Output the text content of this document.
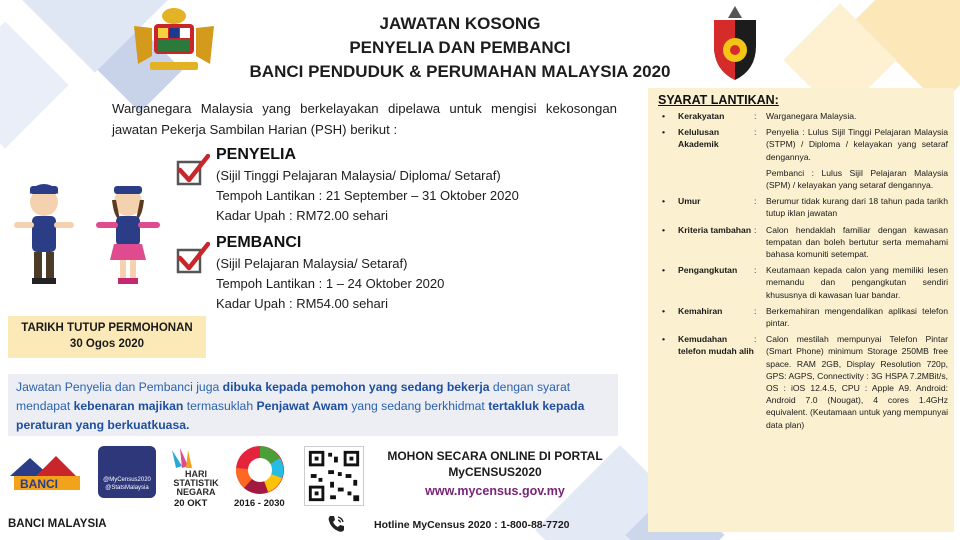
JAWATAN KOSONG
PENYELIA DAN PEMBANCI
BANCI PENDUDUK & PERUMAHAN MALAYSIA 2020
Warganegara Malaysia yang berkelayakan dipelawa untuk mengisi kekosongan jawatan Pekerja Sambilan Harian (PSH) berikut :
PENYELIA
(Sijil Tinggi Pelajaran Malaysia/ Diploma/ Setaraf)
Tempoh Lantikan : 21 September – 31 Oktober 2020
Kadar Upah : RM72.00 sehari
PEMBANCI
(Sijil Pelajaran Malaysia/ Setaraf)
Tempoh Lantikan : 1 – 24 Oktober 2020
Kadar Upah : RM54.00 sehari
TARIKH TUTUP PERMOHONAN
30 Ogos 2020
Jawatan Penyelia dan Pembanci juga dibuka kepada pemohon yang sedang bekerja dengan syarat mendapat kebenaran majikan termasuklah Penjawat Awam yang sedang berkhidmat tertakluk kepada peraturan yang berkuatkuasa.
BANCI	@MyCensus2020
@StatsMalaysia
HARI
STATISTIK
NEGARA
20 OKT	2016 - 2030
MOHON SECARA ONLINE DI PORTAL
MyCENSUS2020
www.mycensus.gov.my
BANCI MALAYSIA	Hotline MyCensus 2020 : 1-800-88-7720
SYARAT LANTIKAN:
• Kerakyatan	: Warganegara Malaysia.

• Kelulusan Akademik
: Penyelia : Lulus Sijil Tinggi Pelajaran Malaysia (STPM) / Diploma / kelayakan yang setaraf dengannya.

Pembanci : Lulus Sijil Pelajaran Malaysia (SPM) / kelayakan yang setaraf dengannya.

• Umur	: Berumur tidak kurang dari 18 tahun pada tarikh tutup iklan jawatan

• Kriteria tambahan : Calon hendaklah familiar dengan kawasan tempatan dan boleh bertutur serta memahami bahasa komuniti setempat.

• Pengangkutan	: Keutamaan kepada calon yang memiliki lesen memandu dan pengangkutan sendiri khususnya di kawasan luar bandar.

• Kemahiran	: Berkemahiran mengendalikan aplikasi telefon pintar.

• Kemudahan telefon mudah alih
: Calon mestilah mempunyai Telefon Pintar (Smart Phone) minimum Storage 250MB free space. RAM 2GB, Display Resolution 720p, GPS: AGPS, Connectivity : 3G HSPA 7.2MBit/s, OS : iOS 12.4.5, CPU : Apple A9. Android: Android 7.0 (Nougat), 4 cores 1.4GHz equivalent. (Keutamaan untuk yang mempunyai data plan)
